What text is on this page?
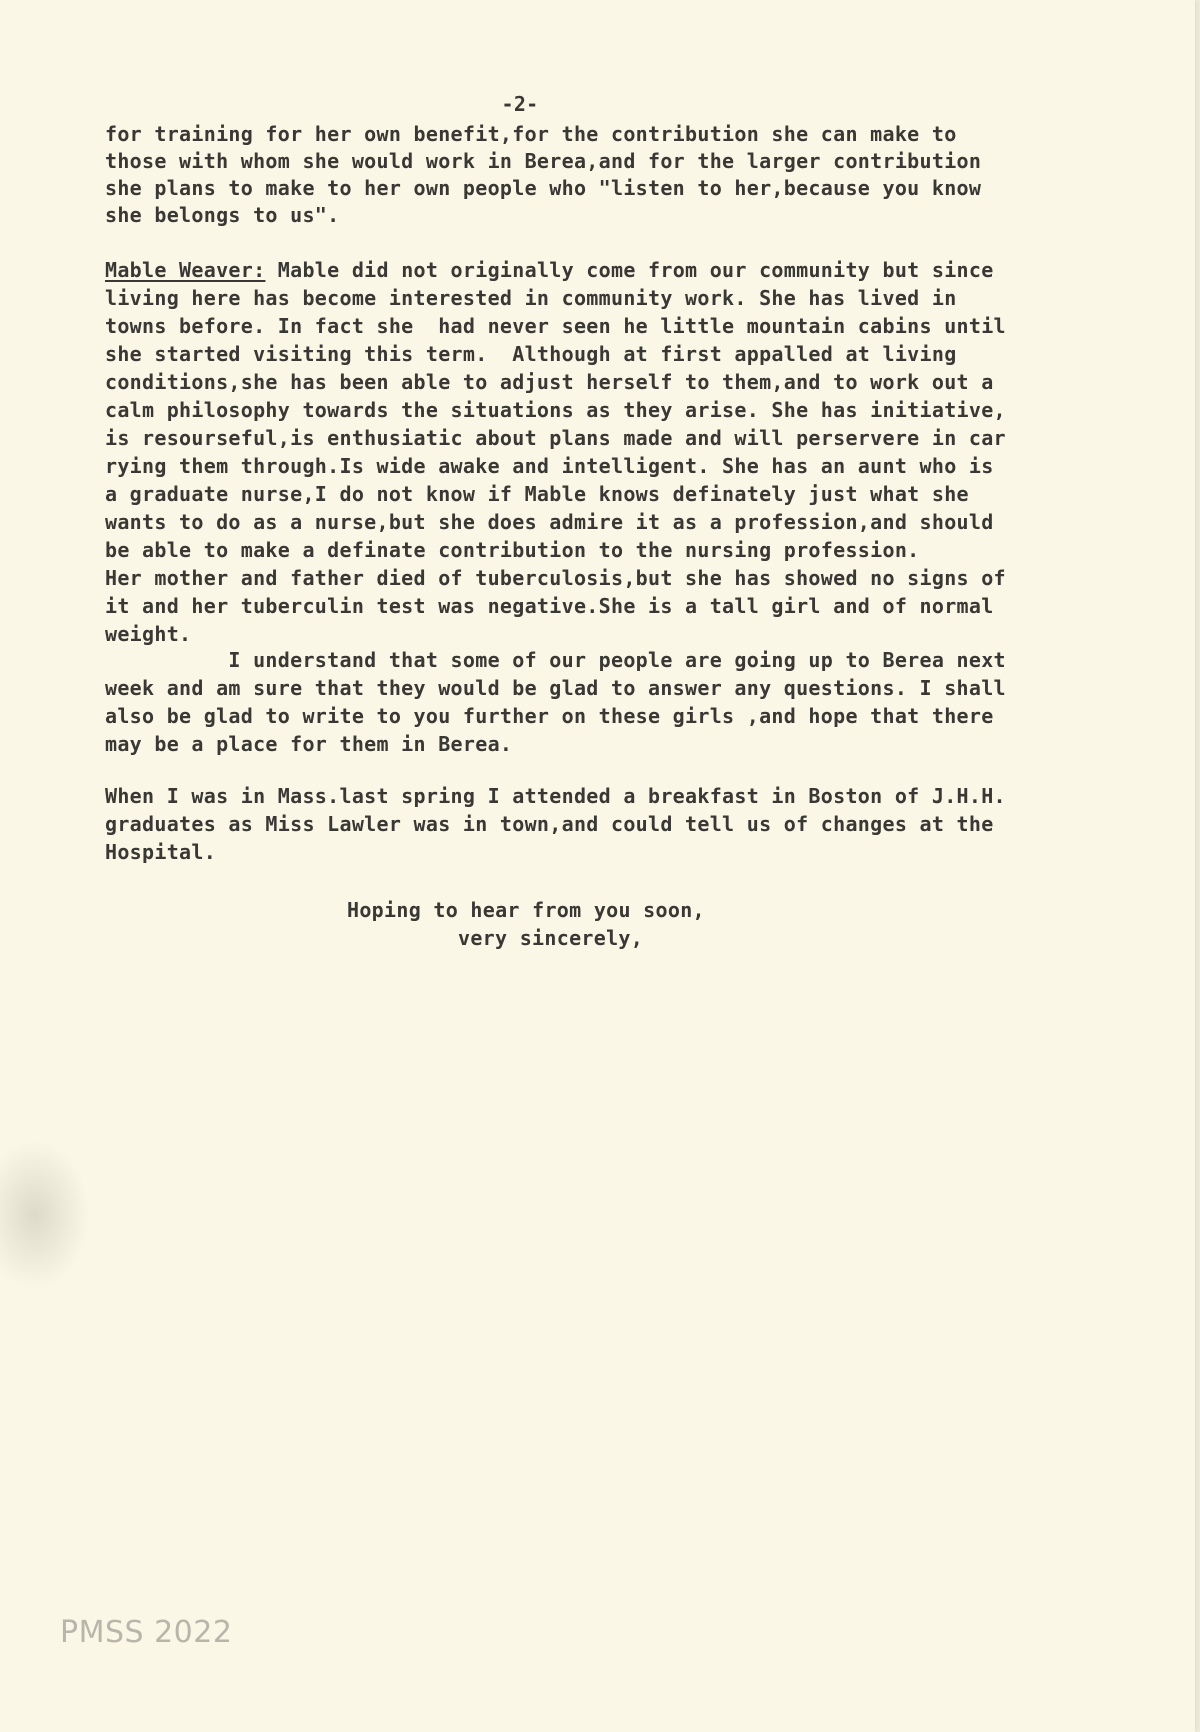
-2-
for training for her own benefit,for the contribution she can make to
those with whom she would work in Berea,and for the larger contribution
she plans to make to her own people who "listen to her,because you know
she belongs to us".
Mable Weaver: Mable did not originally come from our community but since
living here has become interested in community work. She has lived in
towns before. In fact she  had never seen he little mountain cabins until
she started visiting this term.  Although at first appalled at living
conditions,she has been able to adjust herself to them,and to work out a
calm philosophy towards the situations as they arise. She has initiative,
is resourseful,is enthusiatic about plans made and will perservere in car
rying them through.Is wide awake and intelligent. She has an aunt who is
a graduate nurse,I do not know if Mable knows definately just what she
wants to do as a nurse,but she does admire it as a profession,and should
be able to make a definate contribution to the nursing profession.
Her mother and father died of tuberculosis,but she has showed no signs of
it and her tuberculin test was negative.She is a tall girl and of normal
weight.
I understand that some of our people are going up to Berea next
week and am sure that they would be glad to answer any questions. I shall
also be glad to write to you further on these girls ,and hope that there
may be a place for them in Berea.
When I was in Mass.last spring I attended a breakfast in Boston of J.H.H.
graduates as Miss Lawler was in town,and could tell us of changes at the
Hospital.
Hoping to hear from you soon,
very sincerely,
PMSS 2022
